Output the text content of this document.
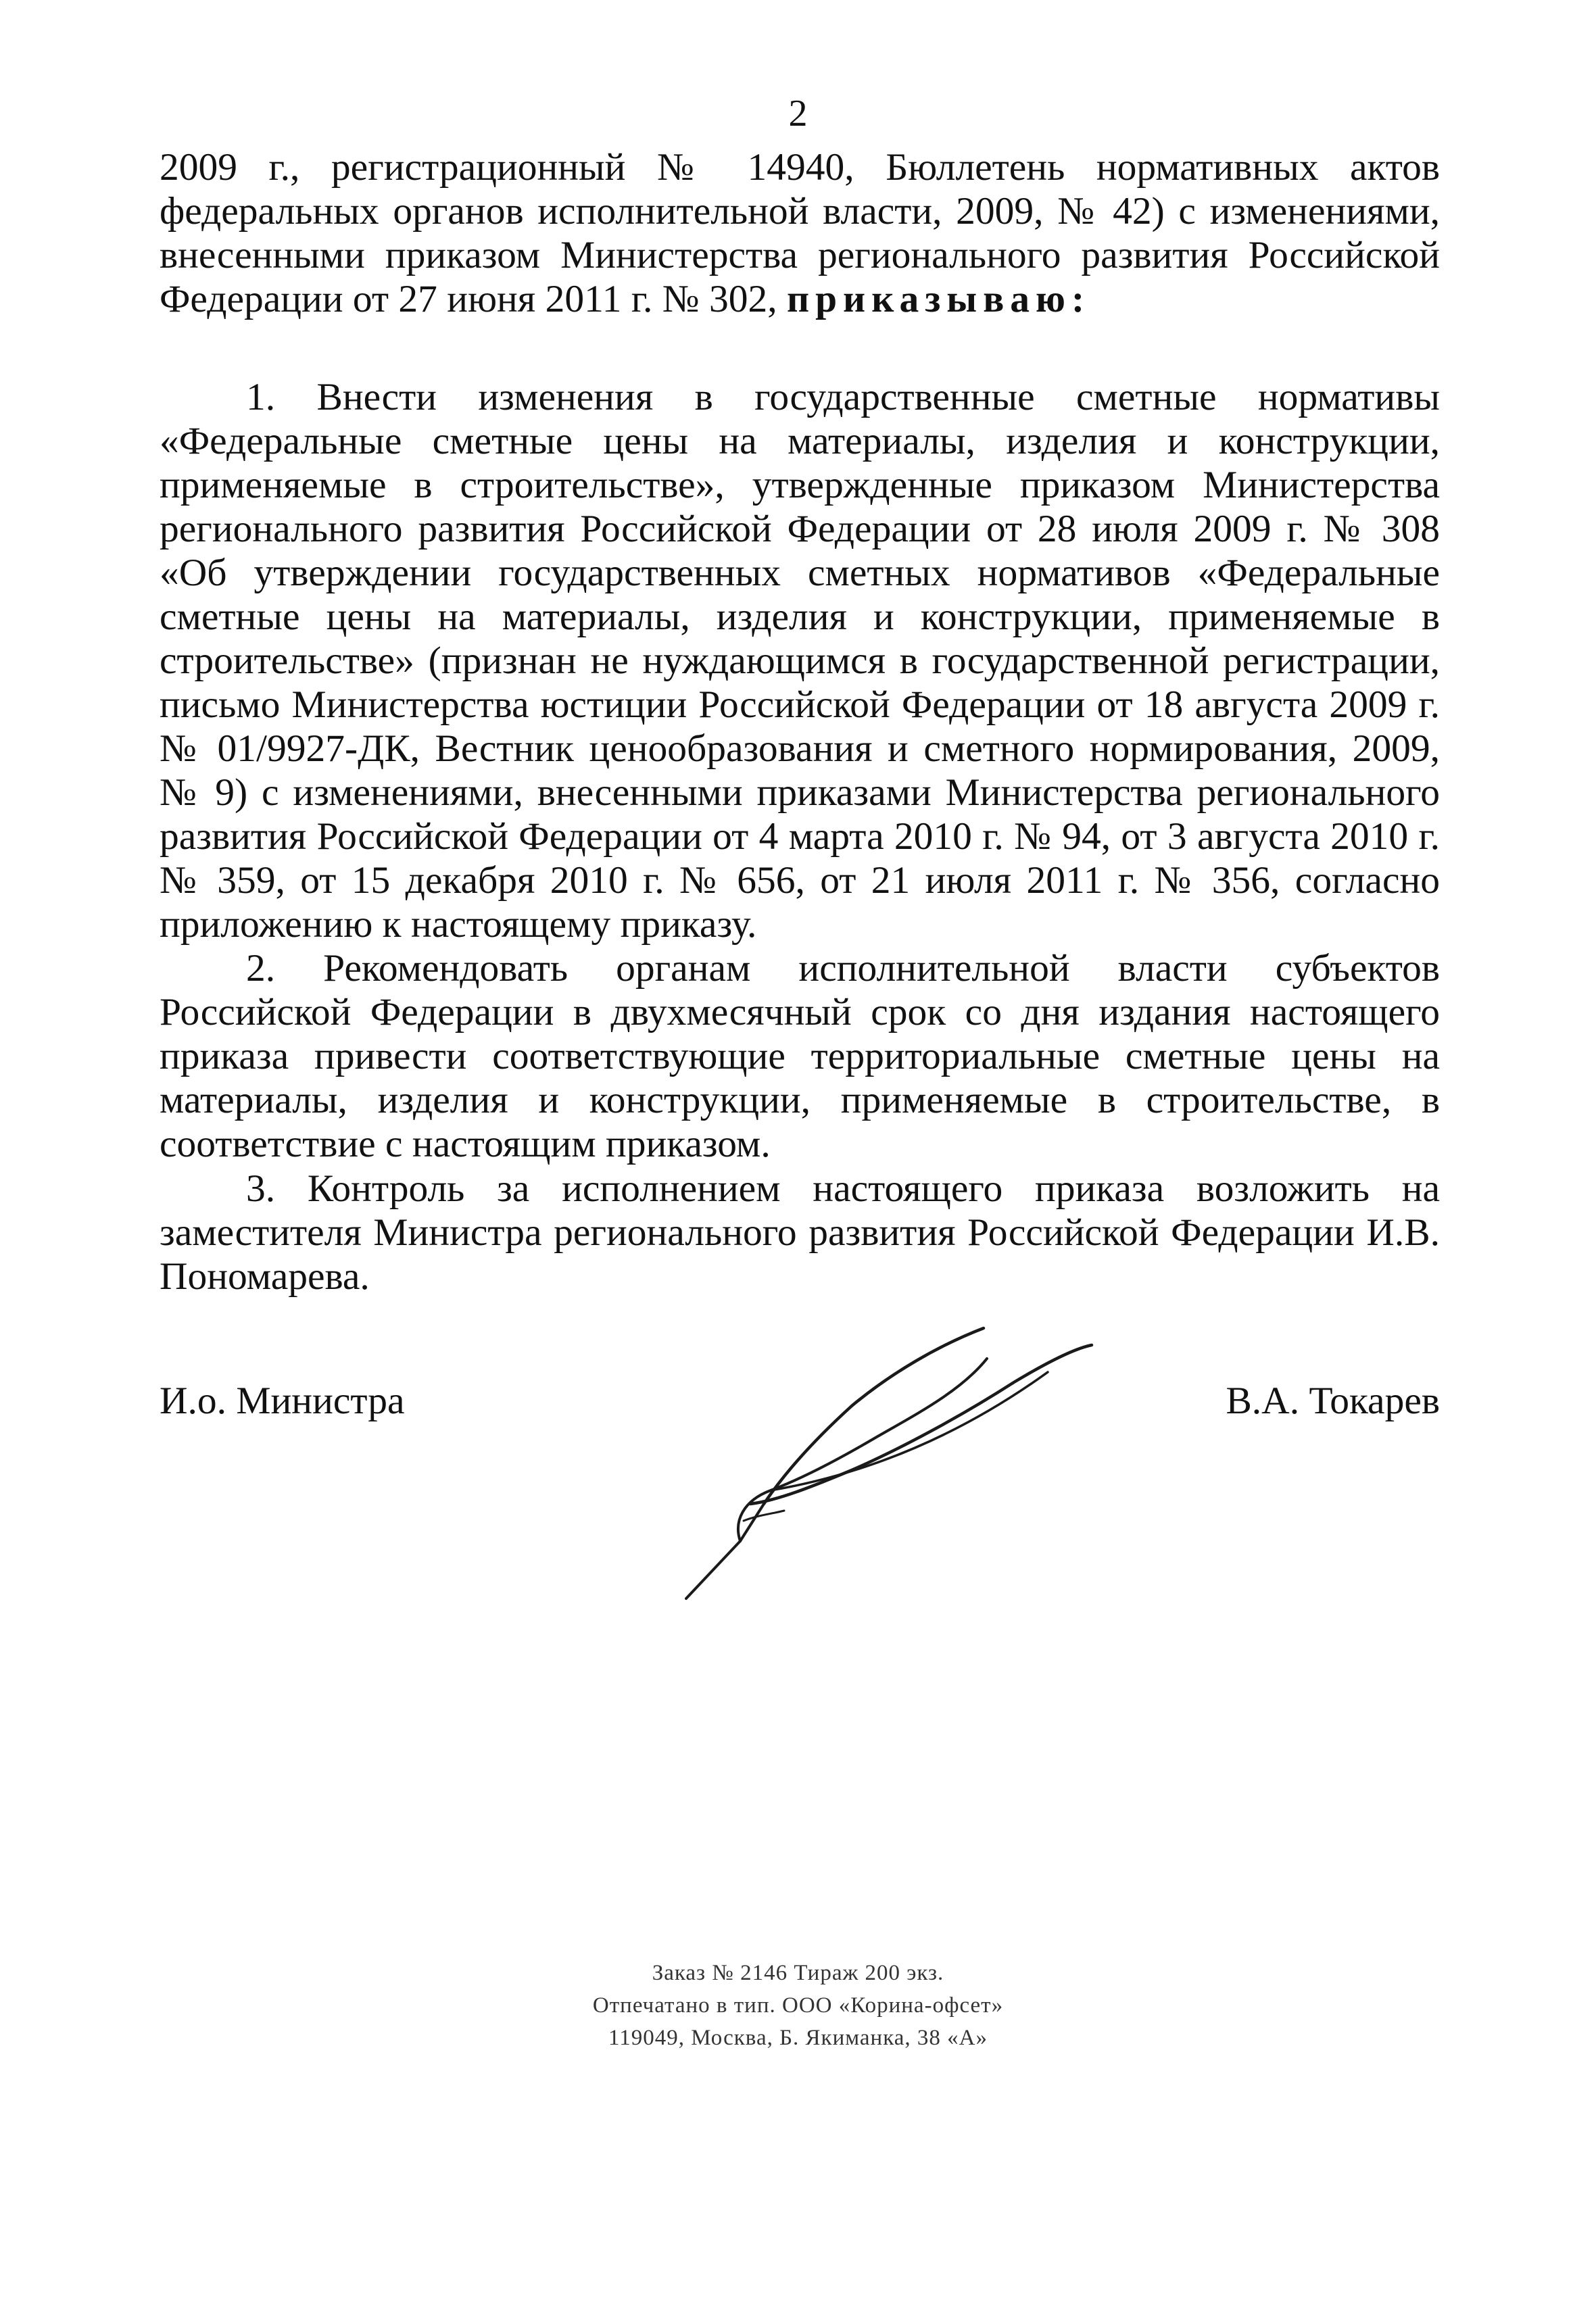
2
2009 г., регистрационный № 14940, Бюллетень нормативных актов федеральных органов исполнительной власти, 2009, № 42) с изменениями, внесенными приказом Министерства регионального развития Российской Федерации от 27 июня 2011 г. № 302, приказываю:
1. Внести изменения в государственные сметные нормативы «Федеральные сметные цены на материалы, изделия и конструкции, применяемые в строительстве», утвержденные приказом Министерства регионального развития Российской Федерации от 28 июля 2009 г. № 308 «Об утверждении государственных сметных нормативов «Федеральные сметные цены на материалы, изделия и конструкции, применяемые в строительстве» (признан не нуждающимся в государственной регистрации, письмо Министерства юстиции Российской Федерации от 18 августа 2009 г. № 01/9927-ДК, Вестник ценообразования и сметного нормирования, 2009, № 9) с изменениями, внесенными приказами Министерства регионального развития Российской Федерации от 4 марта 2010 г. № 94, от 3 августа 2010 г. № 359, от 15 декабря 2010 г. № 656, от 21 июля 2011 г. № 356, согласно приложению к настоящему приказу.
2. Рекомендовать органам исполнительной власти субъектов Российской Федерации в двухмесячный срок со дня издания настоящего приказа привести соответствующие территориальные сметные цены на материалы, изделия и конструкции, применяемые в строительстве, в соответствие с настоящим приказом.
3. Контроль за исполнением настоящего приказа возложить на заместителя Министра регионального развития Российской Федерации И.В. Пономарева.
И.о. Министра	В.А. Токарев
Заказ № 2146 Тираж 200 экз.
Отпечатано в тип. ООО «Корина-офсет»
119049, Москва, Б. Якиманка, 38 «А»
